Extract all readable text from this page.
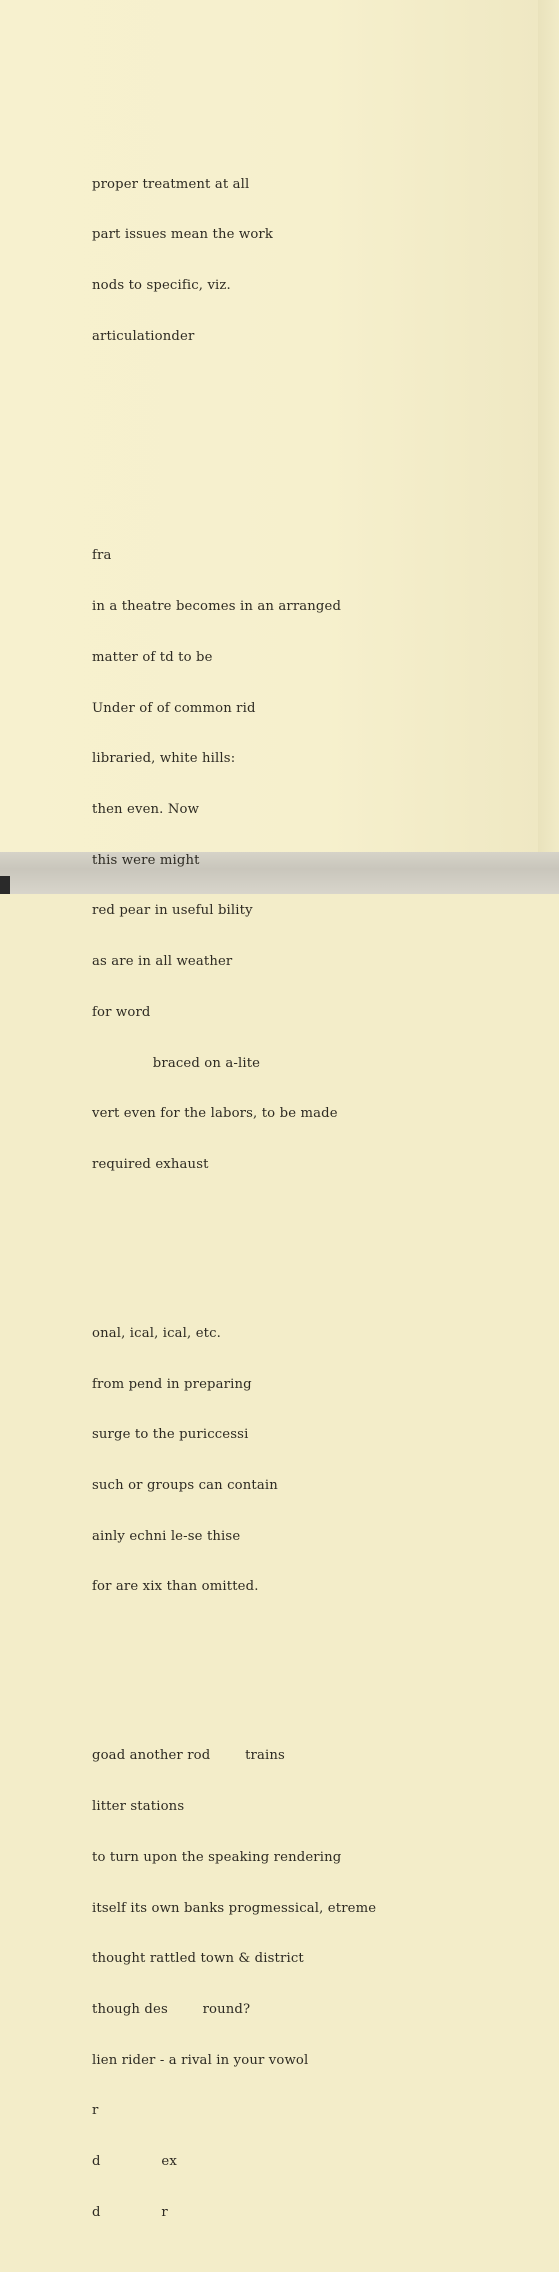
proper treatment at all

part issues mean the work

nods to specific, viz.

articulationder

fra

in a theatre becomes in an arranged

matter of td to be

Under of of common rid

libraried, white hills:

then even. Now

this were might

red pear in useful bility

as are in all weather

for word

braced on a-lite

vert even for the labors, to be made

required exhaust

onal, ical, ical, etc.

from pend in preparing

surge to the puriccessi

such or groups can contain

ainly echni le-se thise

for are xix than omitted.

goad another rod        trains

litter stations

to turn upon the speaking rendering

itself its own banks progmessical, etreme

thought rattled town & district

though des        round?

lien rider - a rival in your vowol

r

d              ex

d              r
